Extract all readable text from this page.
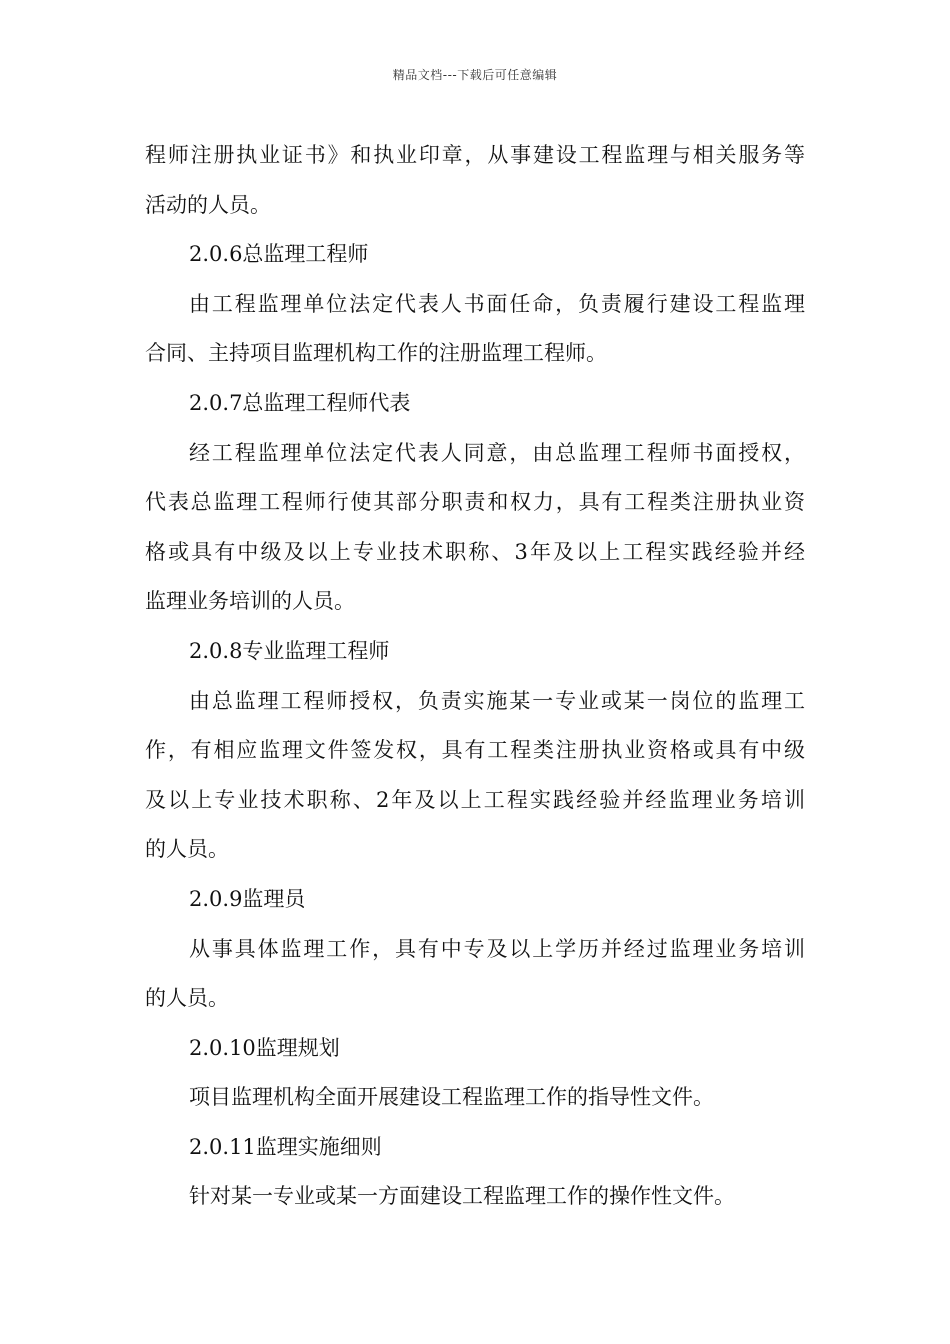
精品文档---下载后可任意编辑
程师注册执业证书》和执业印章，从事建设工程监理与相关服务等
活动的人员。
2.0.6总监理工程师
由工程监理单位法定代表人书面任命，负责履行建设工程监理
合同、主持项目监理机构工作的注册监理工程师。
2.0.7总监理工程师代表
经工程监理单位法定代表人同意，由总监理工程师书面授权，
代表总监理工程师行使其部分职责和权力，具有工程类注册执业资
格或具有中级及以上专业技术职称、3年及以上工程实践经验并经
监理业务培训的人员。
2.0.8专业监理工程师
由总监理工程师授权，负责实施某一专业或某一岗位的监理工
作，有相应监理文件签发权，具有工程类注册执业资格或具有中级
及以上专业技术职称、2年及以上工程实践经验并经监理业务培训
的人员。
2.0.9监理员
从事具体监理工作，具有中专及以上学历并经过监理业务培训
的人员。
2.0.10监理规划
项目监理机构全面开展建设工程监理工作的指导性文件。
2.0.11监理实施细则
针对某一专业或某一方面建设工程监理工作的操作性文件。
